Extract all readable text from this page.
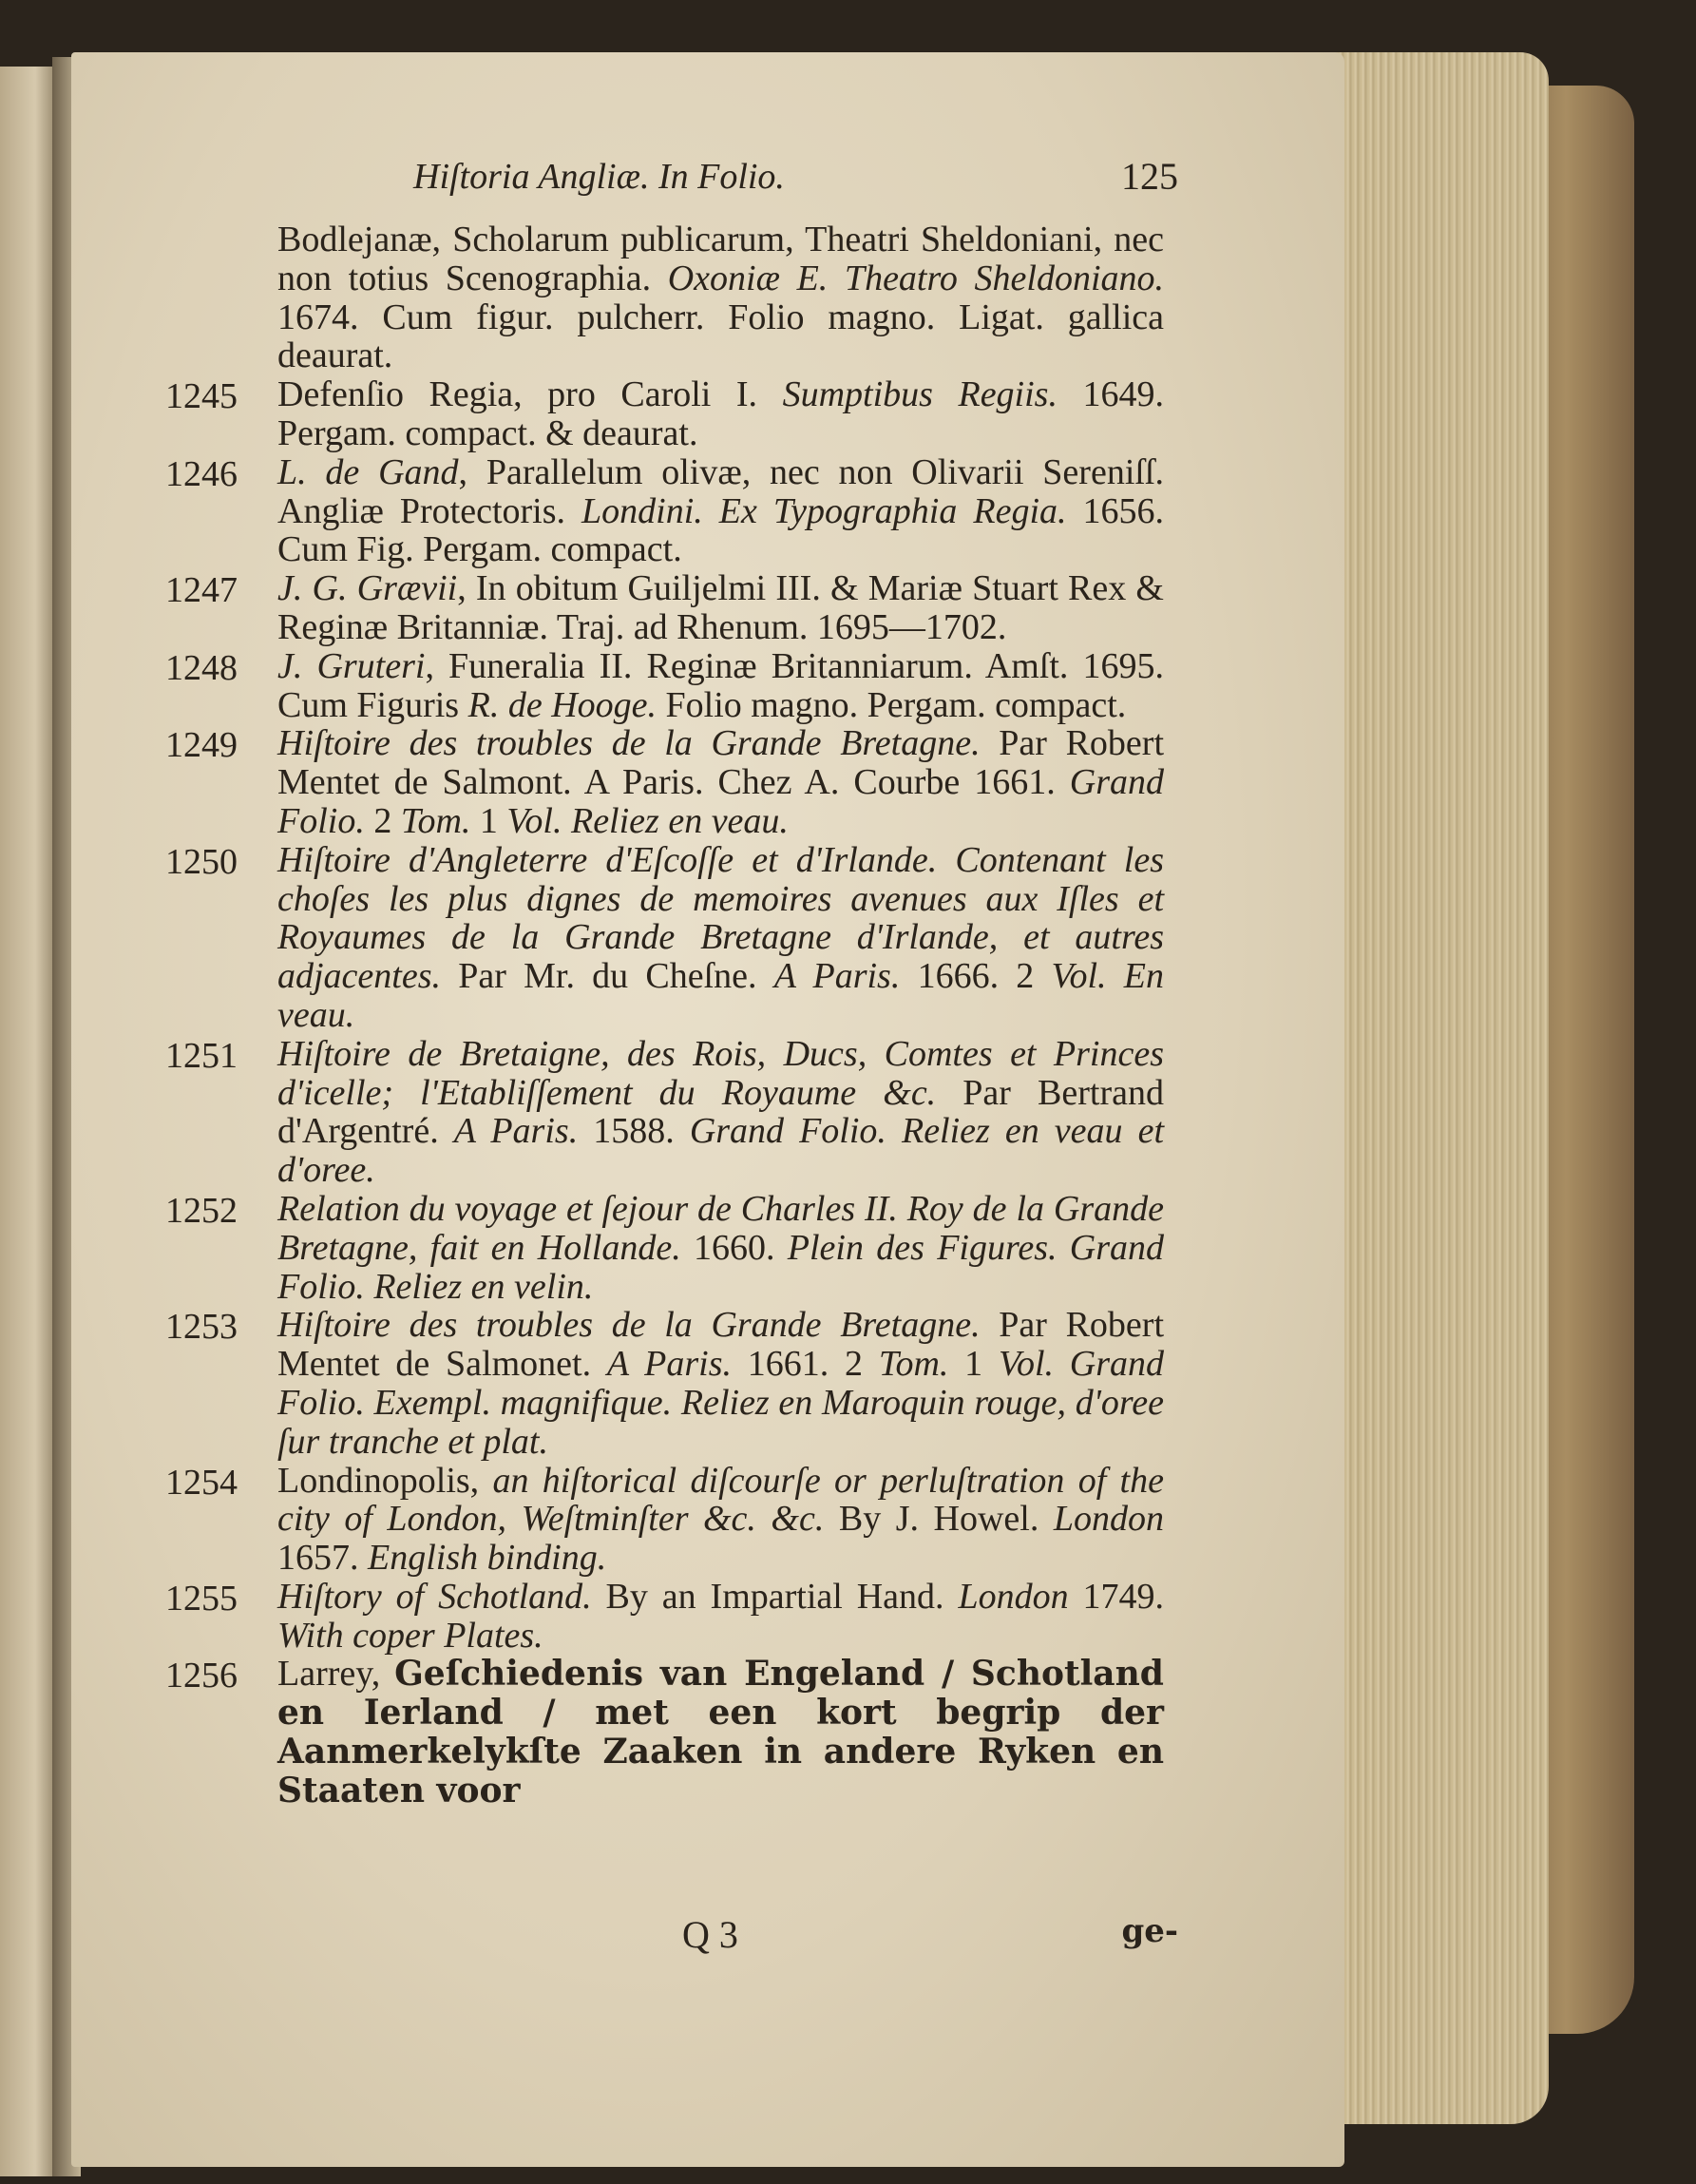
Hiſtoria Angliæ. In Folio.	125
Bodlejanæ, Scholarum publicarum, Theatri Sheldoniani, nec non totius Scenographia. Oxoniæ E. Theatro Sheldoniano. 1674. Cum figur. pulcherr. Folio magno. Ligat. gallica deaurat.
1245	Defenſio Regia, pro Caroli I. Sumptibus Regiis. 1649. Pergam. compact. & deaurat.
1246	L. de Gand, Parallelum olivæ, nec non Olivarii Sereniſſ. Angliæ Protectoris. Londini. Ex Typographia Regia. 1656. Cum Fig. Pergam. compact.
1247	J. G. Grævii, In obitum Guiljelmi III. & Mariæ Stuart Rex & Reginæ Britanniæ. Traj. ad Rhenum. 1695—1702.
1248	J. Gruteri, Funeralia II. Reginæ Britanniarum. Amſt. 1695. Cum Figuris R. de Hooge. Folio magno. Pergam. compact.
1249	Hiſtoire des troubles de la Grande Bretagne. Par Robert Mentet de Salmont. A Paris. Chez A. Courbe 1661. Grand Folio. 2 Tom. 1 Vol. Reliez en veau.
1250	Hiſtoire d'Angleterre d'Eſcoſſe et d'Irlande. Contenant les choſes les plus dignes de memoires avenues aux Iſles et Royaumes de la Grande Bretagne d'Irlande, et autres adjacentes. Par Mr. du Cheſne. A Paris. 1666. 2 Vol. En veau.
1251	Hiſtoire de Bretaigne, des Rois, Ducs, Comtes et Princes d'icelle; l'Etabliſſement du Royaume &c. Par Bertrand d'Argentré. A Paris. 1588. Grand Folio. Reliez en veau et d'oree.
1252	Relation du voyage et ſejour de Charles II. Roy de la Grande Bretagne, fait en Hollande. 1660. Plein des Figures. Grand Folio. Reliez en velin.
1253	Hiſtoire des troubles de la Grande Bretagne. Par Robert Mentet de Salmonet. A Paris. 1661. 2 Tom. 1 Vol. Grand Folio. Exempl. magnifique. Reliez en Maroquin rouge, d'oree ſur tranche et plat.
1254	Londinopolis, an hiſtorical diſcourſe or perluſtration of the city of London, Weſtminſter &c. &c. By J. Howel. London 1657. English binding.
1255	Hiſtory of Schotland. By an Impartial Hand. London 1749. With coper Plates.
1256	Larrey, Geſchiedenis van Engeland / Schotland en Ierland / met een kort begrip der Aanmerkelykſte Zaaken in andere Ryken en Staaten voor
Q 3	ge-
